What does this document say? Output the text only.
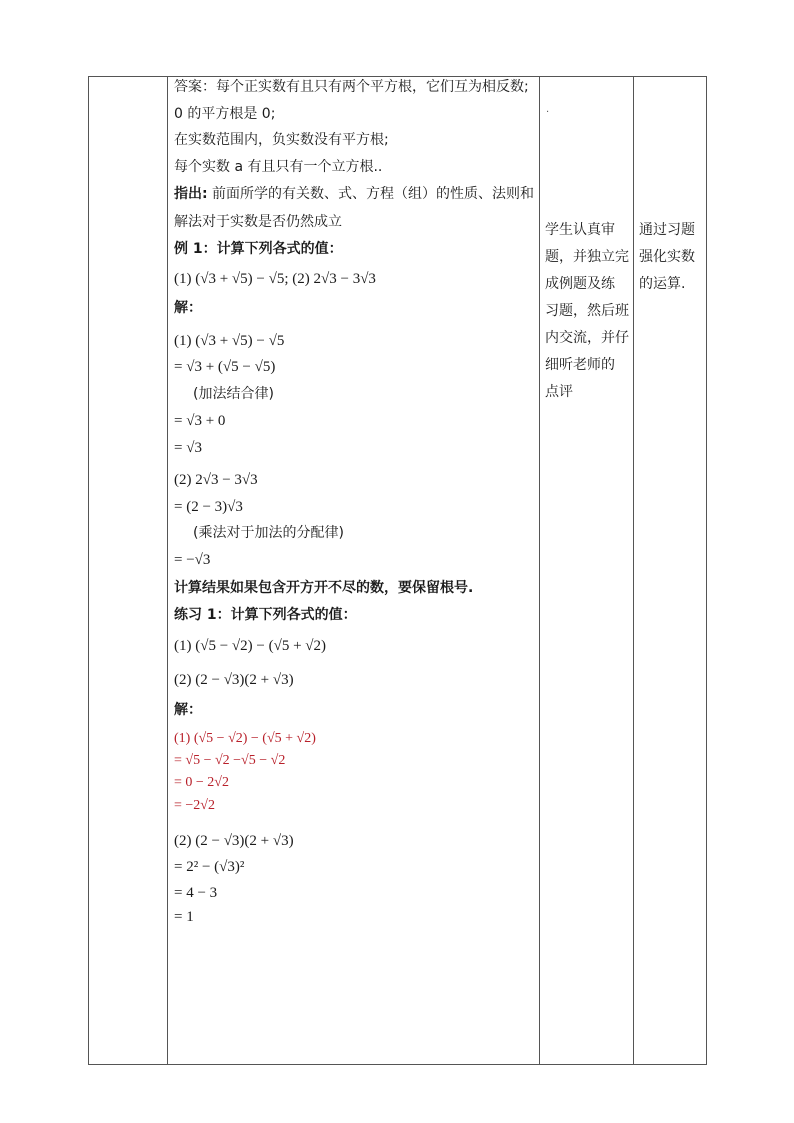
答案：每个正实数有且只有两个平方根，它们互为相反数;
0 的平方根是 0;
在实数范围内，负实数没有平方根;
每个实数 a 有且只有一个立方根..
指出: 前面所学的有关数、式、方程（组）的性质、法则和
解法对于实数是否仍然成立
例 1：计算下列各式的值：
(1) (√3 + √5) − √5; (2) 2√3 − 3√3
解：
(1) (√3 + √5) − √5
= √3 + (√5 − √5)
(加法结合律)
= √3 + 0
= √3
(2) 2√3 − 3√3
= (2 − 3)√3
(乘法对于加法的分配律)
= −√3
计算结果如果包含开方开不尽的数，要保留根号.
练习 1：计算下列各式的值：
(1) (√5 − √2) − (√5 + √2)
(2) (2 − √3)(2 + √3)
解：
(1) (√5 − √2) − (√5 + √2)
= √5 − √2 −√5 − √2
= 0 − 2√2
= −2√2
(2) (2 − √3)(2 + √3)
= 2² − (√3)²
= 4 − 3
= 1
.
学生认真审
题，并独立完
成例题及练
习题，然后班
内交流，并仔
细听老师的
点评
通过习题
强化实数
的运算.
